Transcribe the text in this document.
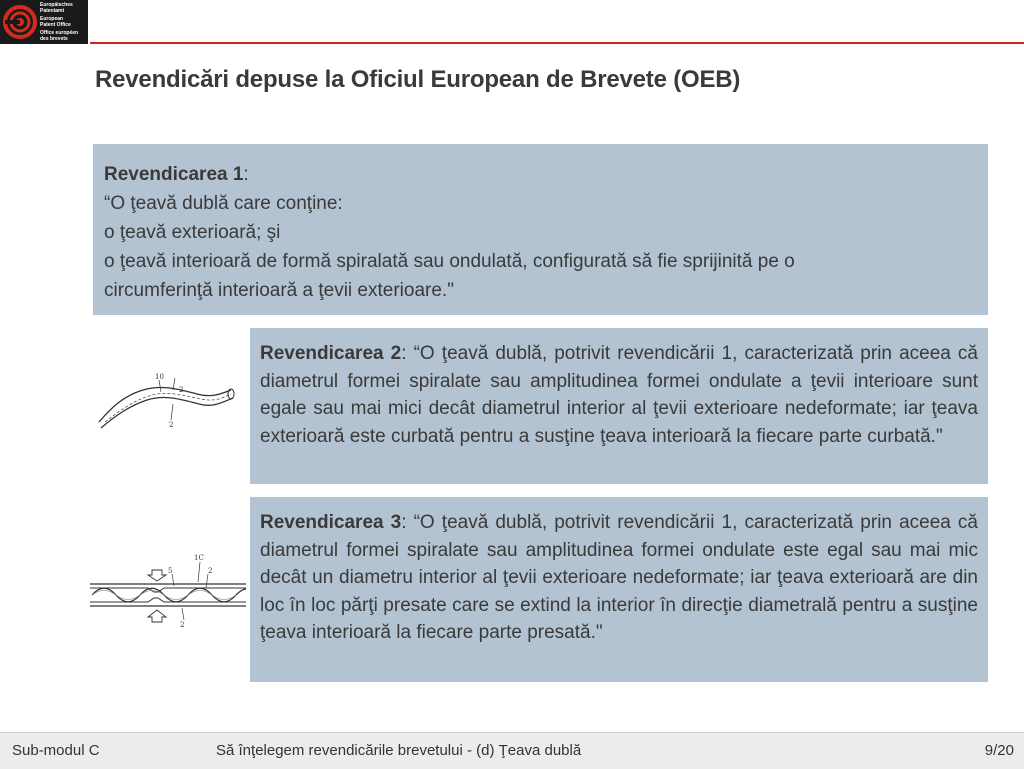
Europäisches
Patentamt
European
Patent Office
Office européen
des brevets
Revendicări depuse la Oficiul European de Brevete (OEB)
Revendicarea 1:
“O ţeavă dublă care conţine:
o ţeavă exterioară; şi
o ţeavă interioară de formă spiralată sau ondulată, configurată să fie sprijinită pe o
circumferinţă interioară a ţevii exterioare."
10
2
2
Revendicarea 2: “O ţeavă dublă, potrivit revendicării 1, caracterizată prin aceea că diametrul formei spiralate sau amplitudinea formei ondulate a ţevii interioare sunt egale sau mai mici decât diametrul interior al ţevii exterioare nedeformate; iar ţeava exterioară este curbată pentru a susţine ţeava interioară la fiecare parte curbată."
1C
5	2
2
Revendicarea 3: “O ţeavă dublă, potrivit revendicării 1, caracterizată prin aceea că diametrul formei spiralate sau amplitudinea formei ondulate este egal sau mai mic decât un diametru interior al ţevii exterioare nedeformate; iar ţeava exterioară are din loc în loc părţi presate care se extind la interior în direcţie diametrală pentru a susţine ţeava interioară la fiecare parte presată."
Sub-modul C	Să înţelegem revendicările brevetului - (d) Ţeava dublă	9/20
